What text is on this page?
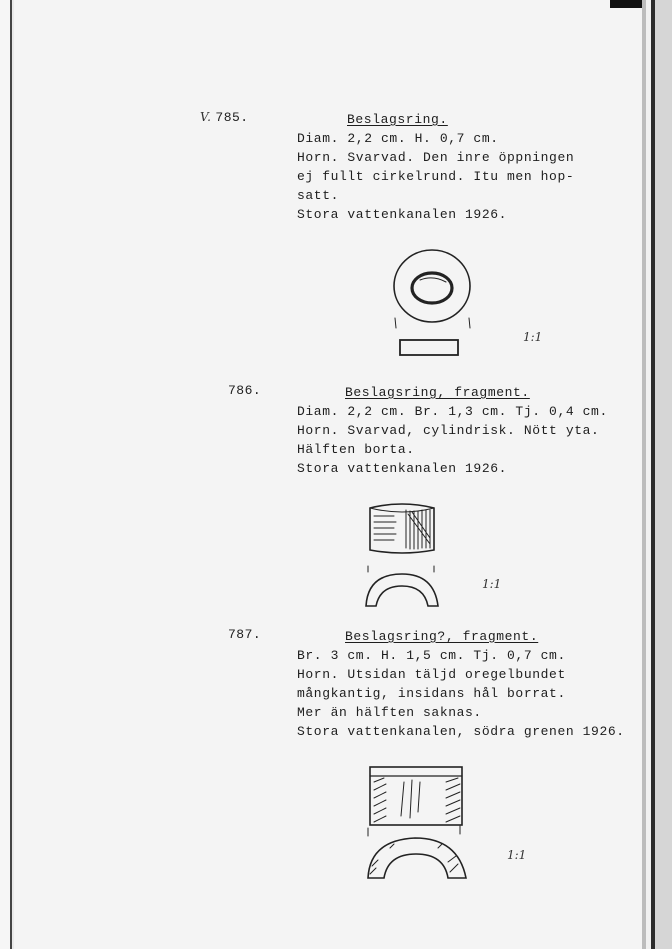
V. 785.	Beslagsring.
Diam. 2,2 cm. H. 0,7 cm.
Horn. Svarvad. Den inre öppningen
ej fullt cirkelrund. Itu men hop-
satt.
Stora vattenkanalen 1926.
1:1
786.	Beslagsring, fragment.
Diam. 2,2 cm. Br. 1,3 cm. Tj. 0,4 cm.
Horn. Svarvad, cylindrisk. Nött yta.
Hälften borta.
Stora vattenkanalen 1926.
1:1
787.	Beslagsring?, fragment.
Br. 3 cm. H. 1,5 cm. Tj. 0,7 cm.
Horn. Utsidan täljd oregelbundet
mångkantig, insidans hål borrat.
Mer än hälften saknas.
Stora vattenkanalen, södra grenen 1926.
1:1
